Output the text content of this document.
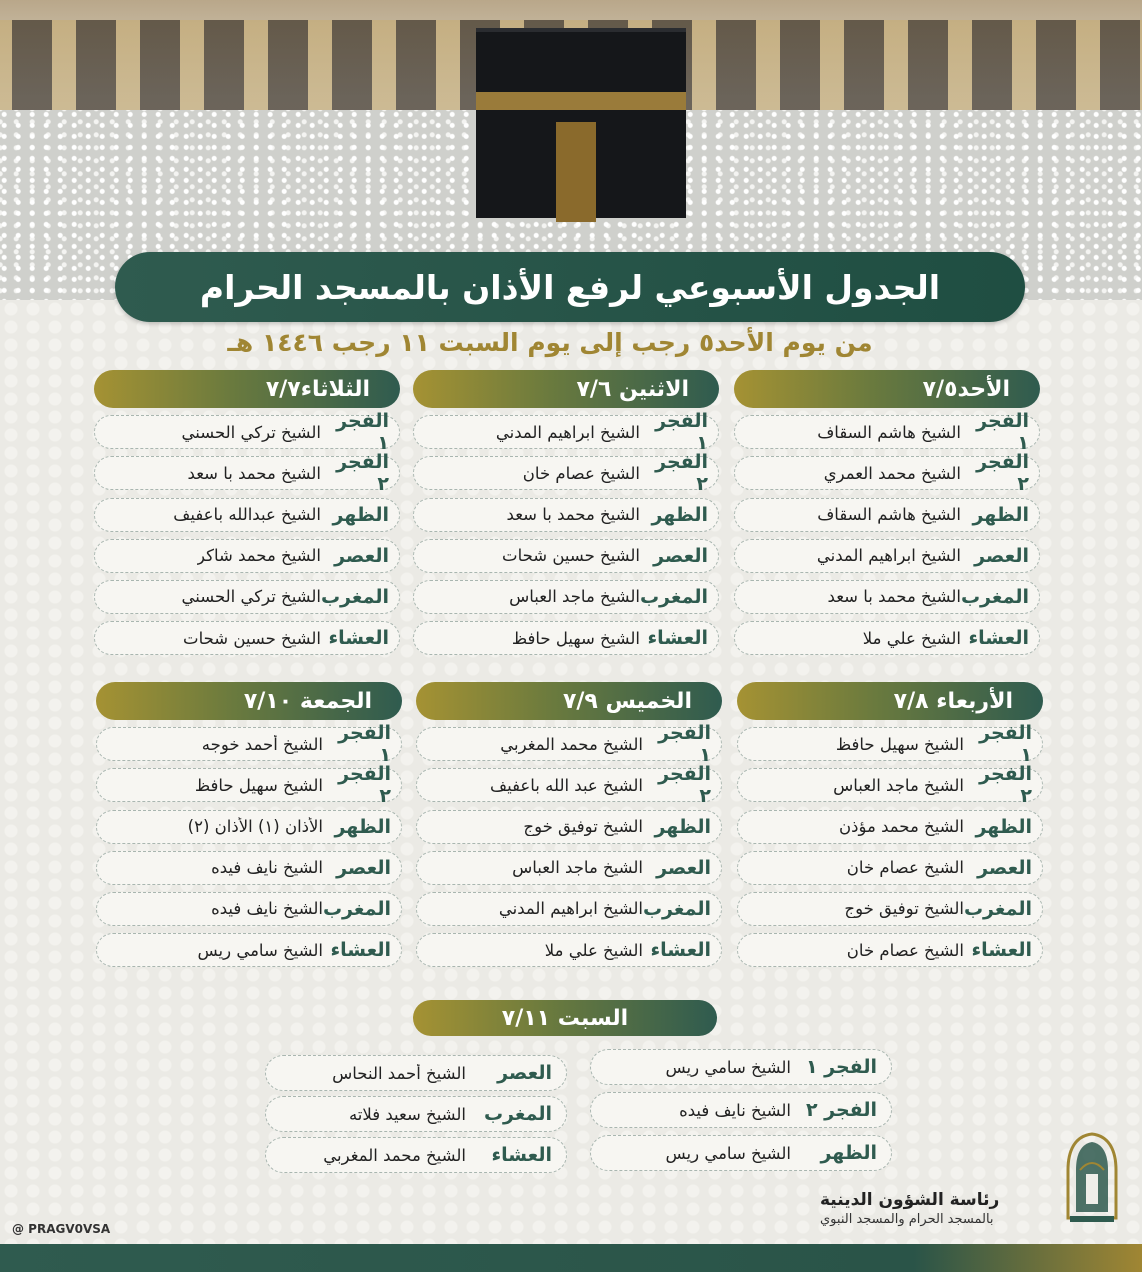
الجدول الأسبوعي لرفع الأذان بالمسجد الحرام
من يوم الأحد٥ رجب إلى يوم السبت ١١ رجب ١٤٤٦ هـ
الأحد٧/٥
الفجر ١
الشيخ هاشم السقاف
الفجر ٢
الشيخ محمد العمري
الظهر
الشيخ هاشم السقاف
العصر
الشيخ ابراهيم المدني
المغرب
الشيخ محمد با سعد
العشاء
الشيخ علي ملا
الاثنين ٧/٦
الفجر ١
الشيخ ابراهيم المدني
الفجر ٢
الشيخ عصام خان
الظهر
الشيخ محمد با سعد
العصر
الشيخ حسين شحات
المغرب
الشيخ ماجد العباس
العشاء
الشيخ سهيل حافظ
الثلاثاء٧/٧
الفجر ١
الشيخ تركي الحسني
الفجر ٢
الشيخ محمد با سعد
الظهر
الشيخ عبدالله باعفيف
العصر
الشيخ محمد شاكر
المغرب
الشيخ تركي الحسني
العشاء
الشيخ حسين شحات
الأربعاء ٧/٨
الفجر ١
الشيخ سهيل حافظ
الفجر ٢
الشيخ ماجد العباس
الظهر
الشيخ محمد مؤذن
العصر
الشيخ عصام خان
المغرب
الشيخ توفيق خوج
العشاء
الشيخ عصام خان
الخميس ٧/٩
الفجر ١
الشيخ محمد المغربي
الفجر ٢
الشيخ عبد الله باعفيف
الظهر
الشيخ توفيق خوج
العصر
الشيخ ماجد العباس
المغرب
الشيخ ابراهيم المدني
العشاء
الشيخ علي ملا
الجمعة ٧/١٠
الفجر ١
الشيخ أحمد خوجه
الفجر ٢
الشيخ سهيل حافظ
الظهر
الأذان (١) الأذان (٢)
العصر
الشيخ نايف فيده
المغرب
الشيخ نايف فيده
العشاء
الشيخ سامي ريس
السبت ٧/١١
الفجر ١
الشيخ سامي ريس
الفجر ٢
الشيخ نايف فيده
الظهر
الشيخ سامي ريس
العصر
الشيخ أحمد النحاس
المغرب
الشيخ سعيد فلاته
العشاء
الشيخ محمد المغربي
رئاسة الشؤون الدينية
بالمسجد الحرام والمسجد النبوي
@ PRAGV0VSA
